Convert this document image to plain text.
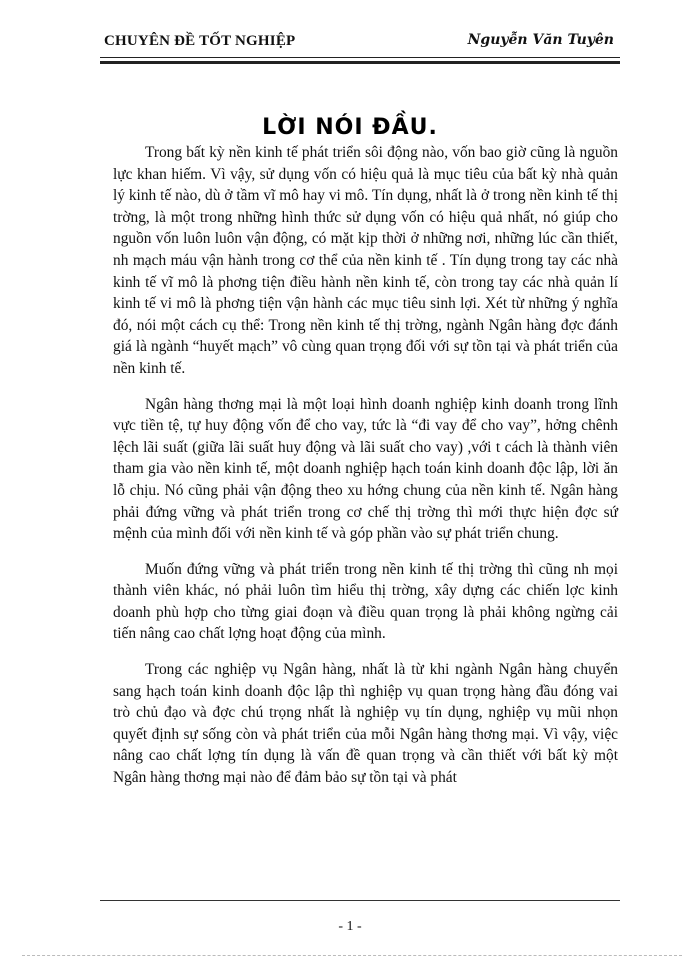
CHUYÊN ĐỀ TỐT NGHIỆP	Nguyễn Văn Tuyên
LỜI NÓI ĐẦU.

Trong bất kỳ nền kinh tế phát triển sôi động nào, vốn bao giờ cũng là nguồn lực khan hiếm. Vì vậy, sử dụng vốn có hiệu quả là mục tiêu của bất kỳ nhà quản lý kinh tế nào, dù ở tầm vĩ mô hay vi mô. Tín dụng, nhất là ở trong nền kinh tế thị trờng, là một trong những hình thức sử dụng vốn có hiệu quả nhất, nó giúp cho nguồn vốn luôn luôn vận động, có mặt kịp thời ở những nơi, những lúc cần thiết, nh mạch máu vận hành trong cơ thể của nền kinh tế . Tín dụng trong tay các nhà kinh tế vĩ mô là phơng tiện điều hành nền kinh tế, còn trong tay các nhà quản lí kinh tế vi mô là phơng tiện vận hành các mục tiêu sinh lợi. Xét từ những ý nghĩa đó, nói một cách cụ thể: Trong nền kinh tế thị trờng, ngành Ngân hàng đợc đánh giá là ngành “huyết mạch” vô cùng quan trọng đối với sự tồn tại và phát triển của nền kinh tế.

Ngân hàng thơng mại là một loại hình doanh nghiệp kinh doanh trong lĩnh vực tiền tệ, tự huy động vốn để cho vay, tức là “đi vay để cho vay”, hởng chênh lệch lãi suất (giữa lãi suất huy động và lãi suất cho vay) ,với t cách là thành viên tham gia vào nền kinh tế, một doanh nghiệp hạch toán kinh doanh độc lập, lời ăn lỗ chịu. Nó cũng phải vận động theo xu hớng chung của nền kinh tế. Ngân hàng phải đứng vững và phát triển trong cơ chế thị trờng thì mới thực hiện đợc sứ mệnh của mình đối với nền kinh tế và góp phần vào sự phát triển chung.

Muốn đứng vững và phát triển trong nền kinh tế thị trờng thì cũng nh mọi thành viên khác, nó phải luôn tìm hiểu thị trờng, xây dựng các chiến lợc kinh doanh phù hợp cho từng giai đoạn và điều quan trọng là phải không ngừng cải tiến nâng cao chất lợng hoạt động của mình.

Trong các nghiệp vụ Ngân hàng, nhất là từ khi ngành Ngân hàng chuyển sang hạch toán kinh doanh độc lập thì nghiệp vụ quan trọng hàng đầu đóng vai trò chủ đạo và đợc chú trọng nhất là nghiệp vụ tín dụng, nghiệp vụ mũi nhọn quyết định sự sống còn và phát triển của mỗi Ngân hàng thơng mại. Vì vậy, việc nâng cao chất lợng tín dụng là vấn đề quan trọng và cần thiết với bất kỳ một Ngân hàng thơng mại nào để đảm bảo sự tồn tại và phát

- 1 -
